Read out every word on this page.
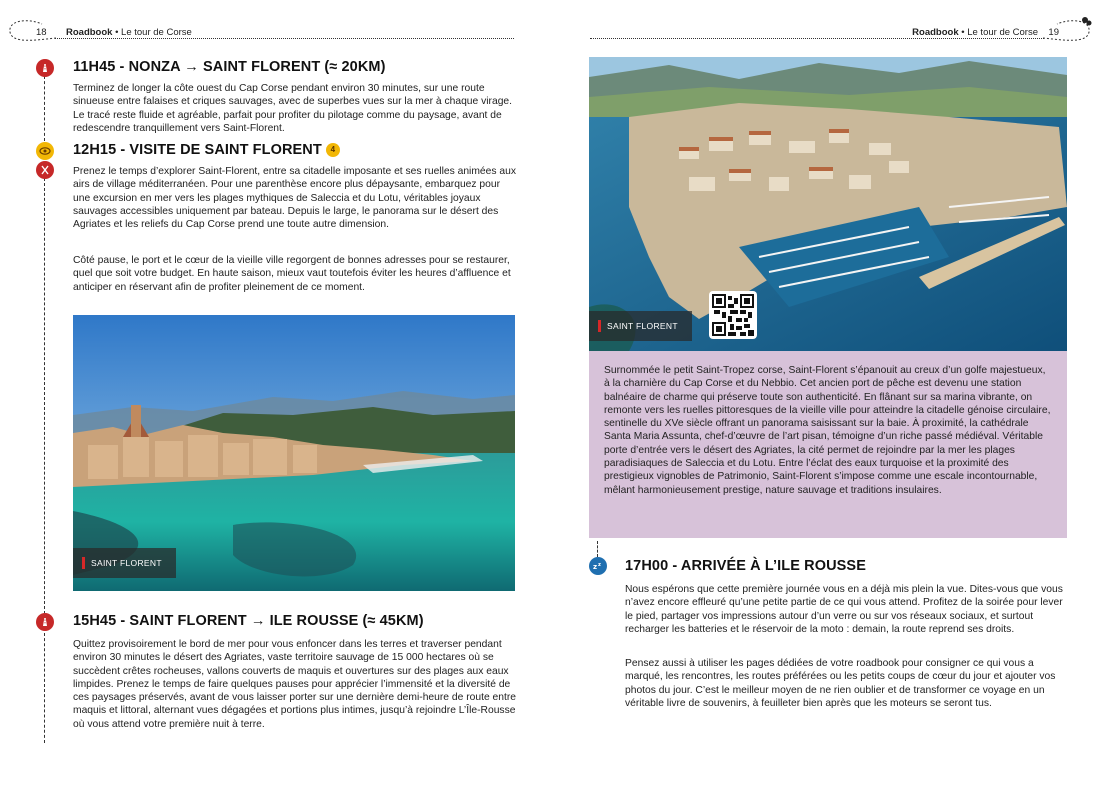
18 Roadbook • Le tour de Corse
11H45 - NONZA → SAINT FLORENT (≈ 20KM)
Terminez de longer la côte ouest du Cap Corse pendant environ 30 minutes, sur une route sinueuse entre falaises et criques sauvages, avec de superbes vues sur la mer à chaque virage. Le tracé reste fluide et agréable, parfait pour profiter du pilotage comme du paysage, avant de redescendre tranquillement vers Saint-Florent.
12H15 - VISITE DE SAINT FLORENT 4
Prenez le temps d’explorer Saint-Florent, entre sa citadelle imposante et ses ruelles animées aux airs de village méditerranéen. Pour une parenthèse encore plus dépaysante, embarquez pour une excursion en mer vers les plages mythiques de Saleccia et du Lotu, véritables joyaux sauvages accessibles uniquement par bateau. Depuis le large, le panorama sur le désert des Agriates et les reliefs du Cap Corse prend une toute autre dimension.
Côté pause, le port et le cœur de la vieille ville regorgent de bonnes adresses pour se restaurer, quel que soit votre budget. En haute saison, mieux vaut toutefois éviter les heures d’affluence et anticiper en réservant afin de profiter pleinement de ce moment.
SAINT FLORENT
15H45 - SAINT FLORENT → ILE ROUSSE (≈ 45KM)
Quittez provisoirement le bord de mer pour vous enfoncer dans les terres et traverser pendant environ 30 minutes le désert des Agriates, vaste territoire sauvage de 15 000 hectares où se succèdent crêtes rocheuses, vallons couverts de maquis et ouvertures sur des plages aux eaux limpides. Prenez le temps de faire quelques pauses pour apprécier l’immensité et la diversité de ces paysages préservés, avant de vous laisser porter sur une dernière demi-heure de route entre maquis et littoral, alternant vues dégagées et portions plus intimes, jusqu’à rejoindre L’Île-Rousse où vous attend votre première nuit à terre.
19
Roadbook • Le tour de Corse
SAINT FLORENT
Surnommée le petit Saint-Tropez corse, Saint-Florent s’épanouit au creux d’un golfe majestueux, à la charnière du Cap Corse et du Nebbio. Cet ancien port de pêche est devenu une station balnéaire de charme qui préserve toute son authenticité. En flânant sur sa marina vibrante, on remonte vers les ruelles pittoresques de la vieille ville pour atteindre la citadelle génoise circulaire, sentinelle du XVe siècle offrant un panorama saisissant sur la baie. À proximité, la cathédrale Santa Maria Assunta, chef-d’œuvre de l’art pisan, témoigne d’un riche passé médiéval. Véritable porte d’entrée vers le désert des Agriates, la cité permet de rejoindre par la mer les plages paradisiaques de Saleccia et du Lotu. Entre l’éclat des eaux turquoise et la proximité des prestigieux vignobles de Patrimonio, Saint-Florent s’impose comme une escale incontournable, mêlant harmonieusement prestige, nature sauvage et traditions insulaires.
z z 17H00 - ARRIVÉE À L’ILE ROUSSE
Nous espérons que cette première journée vous en a déjà mis plein la vue. Dites-vous que vous n’avez encore effleuré qu’une petite partie de ce qui vous attend. Profitez de la soirée pour lever le pied, partager vos impressions autour d’un verre ou sur vos réseaux sociaux, et surtout recharger les batteries et le réservoir de la moto : demain, la route reprend ses droits.
Pensez aussi à utiliser les pages dédiées de votre roadbook pour consigner ce qui vous a marqué, les rencontres, les routes préférées ou les petits coups de cœur du jour et ajouter vos photos du jour. C’est le meilleur moyen de ne rien oublier et de transformer ce voyage en un véritable livre de souvenirs, à feuilleter bien après que les moteurs se seront tus.
